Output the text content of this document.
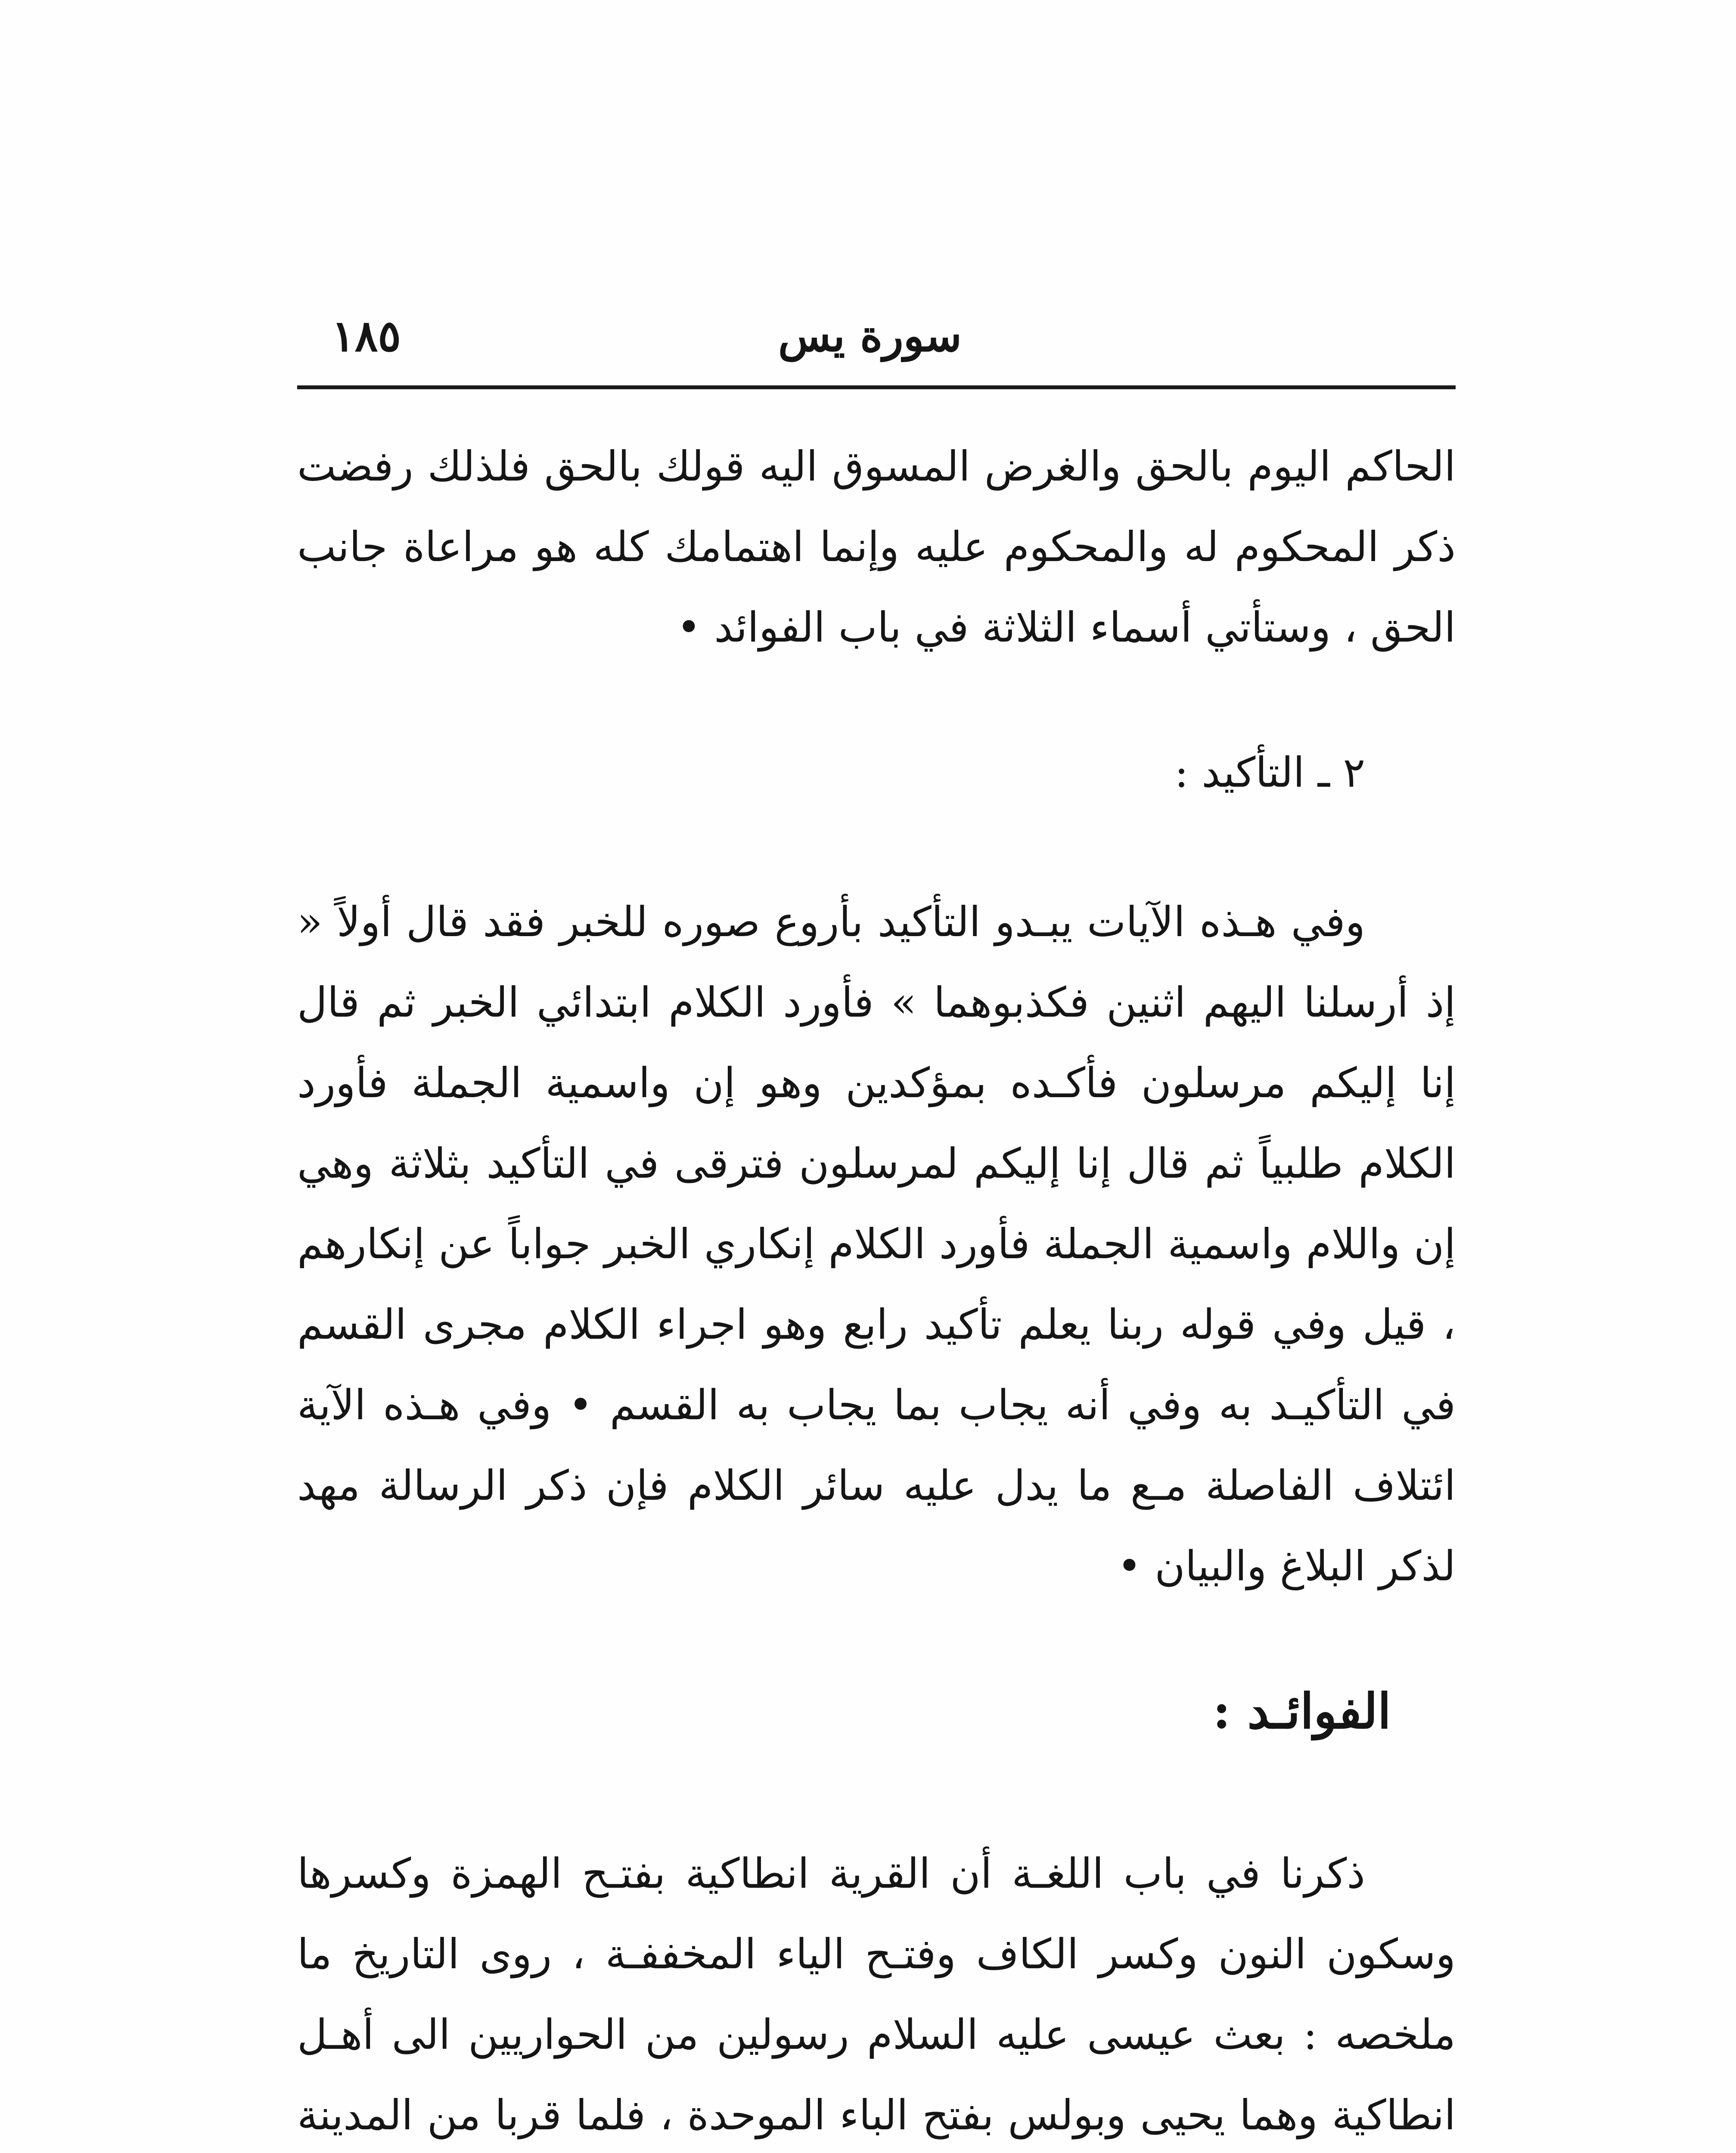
سورة يس
١٨٥

الحاكم اليوم بالحق والغرض المسوق اليه قولك بالحق فلذلك رفضت ذكر المحكوم له والمحكوم عليه وإنما اهتمامك كله هو مراعاة جانب الحق ، وستأتي أسماء الثلاثة في باب الفوائد •

٢ ـ التأكيد :

وفي هـذه الآيات يبـدو التأكيد بأروع صوره للخبر فقد قال أولاً « إذ أرسلنا اليهم اثنين فكذبوهما » فأورد الكلام ابتدائي الخبر ثم قال إنا إليكم مرسلون فأكـده بمؤكدين وهو إن واسمية الجملة فأورد الكلام طلبياً ثم قال إنا إليكم لمرسلون فترقى في التأكيد بثلاثة وهي إن واللام واسمية الجملة فأورد الكلام إنكاري الخبر جواباً عن إنكارهم ، قيل وفي قوله ربنا يعلم تأكيد رابع وهو اجراء الكلام مجرى القسم في التأكيـد به وفي أنه يجاب بما يجاب به القسم • وفي هـذه الآية ائتلاف الفاصلة مـع ما يدل عليه سائر الكلام فإن ذكر الرسالة مهد لذكر البلاغ والبيان •

الفوائـد :

ذكرنا في باب اللغـة أن القرية انطاكية بفتـح الهمزة وكسرها وسكون النون وكسر الكاف وفتـح الياء المخففـة ، روى التاريخ ما ملخصه : بعث عيسى عليه السلام رسولين من الحواريين الى أهـل انطاكية وهما يحيى وبولس بفتح الباء الموحدة ، فلما قربا من المدينة
